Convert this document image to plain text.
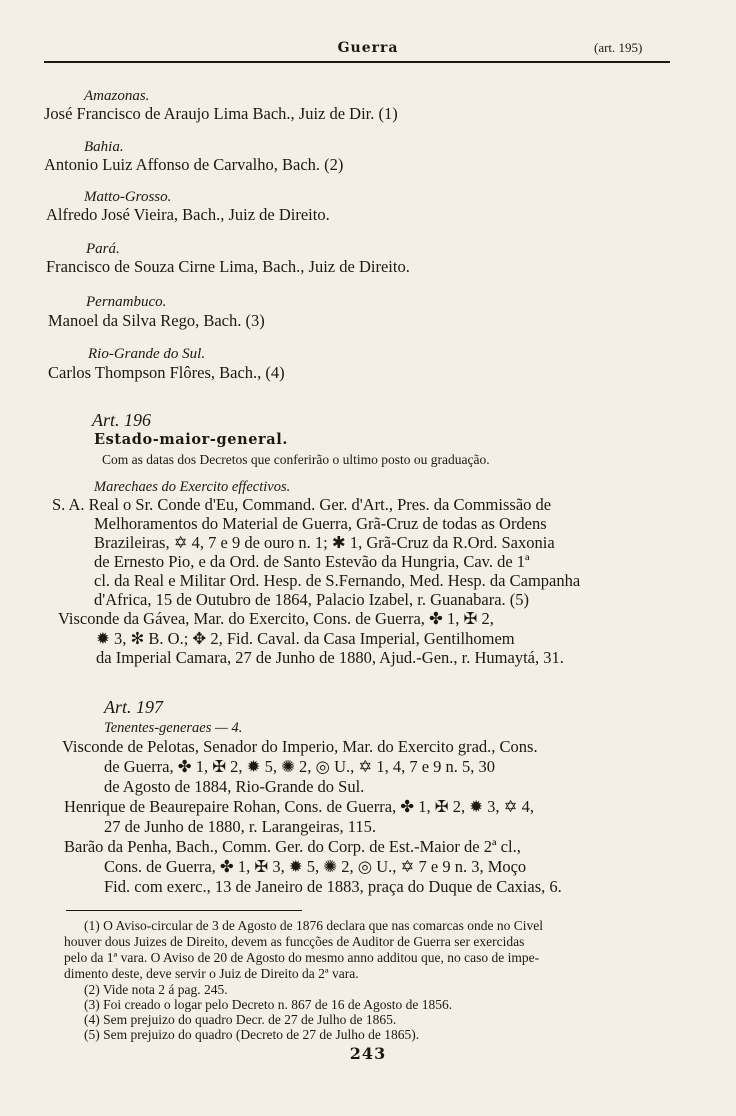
Guerra	(art. 195)
Amazonas.
José Francisco de Araujo Lima Bach., Juiz de Dir. (1)
Bahia.
Antonio Luiz Affonso de Carvalho, Bach. (2)
Matto-Grosso.
Alfredo José Vieira, Bach., Juiz de Direito.
Pará.
Francisco de Souza Cirne Lima, Bach., Juiz de Direito.
Pernambuco.
Manoel da Silva Rego, Bach. (3)
Rio-Grande do Sul.
Carlos Thompson Flôres, Bach., (4)
Art. 196
Estado-maior-general.
Com as datas dos Decretos que conferirão o ultimo posto ou graduação.
Marechaes do Exercito effectivos.
S. A. Real o Sr. Conde d'Eu, Command. Ger. d'Art., Pres. da Commissão de
Melhoramentos do Material de Guerra, Grã-Cruz de todas as Ordens
Brazileiras, ✡ 4, 7 e 9 de ouro n. 1; ✱ 1, Grã-Cruz da R.Ord. Saxonia
de Ernesto Pio, e da Ord. de Santo Estevão da Hungria, Cav. de 1ª
cl. da Real e Militar Ord. Hesp. de S.Fernando, Med. Hesp. da Campanha
d'Africa, 15 de Outubro de 1864, Palacio Izabel, r. Guanabara. (5)
Visconde da Gávea, Mar. do Exercito, Cons. de Guerra, ✤ 1, ✠ 2,
✹ 3, ✻ B. O.; ✥ 2, Fid. Caval. da Casa Imperial, Gentilhomem
da Imperial Camara, 27 de Junho de 1880, Ajud.-Gen., r. Humaytá, 31.
Art. 197
Tenentes-generaes — 4.
Visconde de Pelotas, Senador do Imperio, Mar. do Exercito grad., Cons.
de Guerra, ✤ 1, ✠ 2, ✹ 5, ✺ 2, ◎ U., ✡ 1, 4, 7 e 9 n. 5, 30
de Agosto de 1884, Rio-Grande do Sul.
Henrique de Beaurepaire Rohan, Cons. de Guerra, ✤ 1, ✠ 2, ✹ 3, ✡ 4,
27 de Junho de 1880, r. Larangeiras, 115.
Barão da Penha, Bach., Comm. Ger. do Corp. de Est.-Maior de 2ª cl.,
Cons. de Guerra, ✤ 1, ✠ 3, ✹ 5, ✺ 2, ◎ U., ✡ 7 e 9 n. 3, Moço
Fid. com exerc., 13 de Janeiro de 1883, praça do Duque de Caxias, 6.
(1) O Aviso-circular de 3 de Agosto de 1876 declara que nas comarcas onde no Civel
houver dous Juizes de Direito, devem as funcções de Auditor de Guerra ser exercidas
pelo da 1ª vara. O Aviso de 20 de Agosto do mesmo anno additou que, no caso de impe-
dimento deste, deve servir o Juiz de Direito da 2ª vara.
(2) Vide nota 2 á pag. 245.
(3) Foi creado o logar pelo Decreto n. 867 de 16 de Agosto de 1856.
(4) Sem prejuizo do quadro Decr. de 27 de Julho de 1865.
(5) Sem prejuizo do quadro (Decreto de 27 de Julho de 1865).
243
